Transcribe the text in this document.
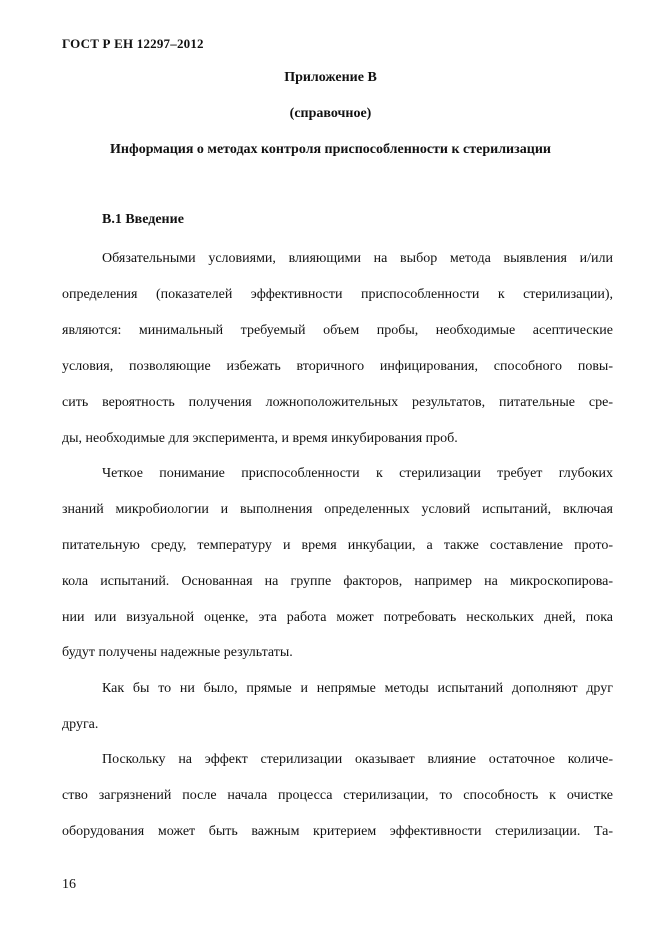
ГОСТ Р ЕН 12297–2012
Приложение В
(справочное)
Информация о методах контроля приспособленности к стерилизации
В.1 Введение
Обязательными условиями, влияющими на выбор метода выявления и/или
определения (показателей эффективности приспособленности к стерилизации),
являются: минимальный требуемый объем пробы, необходимые асептические
условия, позволяющие избежать вторичного инфицирования, способного повы-
сить вероятность получения ложноположительных результатов, питательные сре-
ды, необходимые для эксперимента, и время инкубирования проб.
Четкое понимание приспособленности к стерилизации требует глубоких
знаний микробиологии и выполнения определенных условий испытаний, включая
питательную среду, температуру и время инкубации, а также составление прото-
кола испытаний. Основанная на группе факторов, например на микроскопирова-
нии или визуальной оценке, эта работа может потребовать нескольких дней, пока
будут получены надежные результаты.
Как бы то ни было, прямые и непрямые методы испытаний дополняют друг
друга.
Поскольку на эффект стерилизации оказывает влияние остаточное количе-
ство загрязнений после начала процесса стерилизации, то способность к очистке
оборудования может быть важным критерием эффективности стерилизации. Та-
16
